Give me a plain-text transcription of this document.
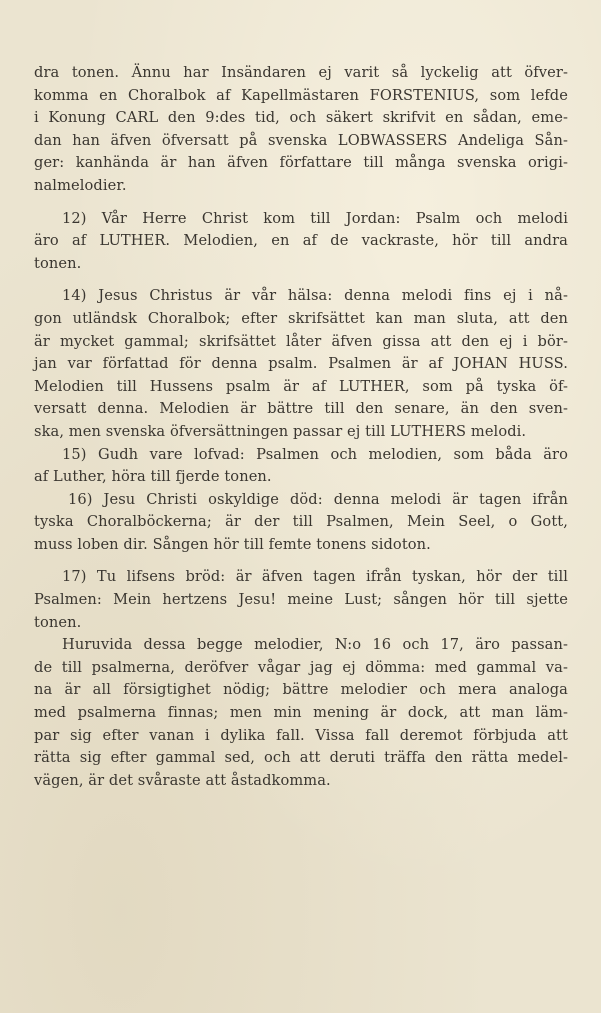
dra tonen. Ännu har Insändaren ej varit så lyckelig att öfver-
komma en Choralbok af Kapellmästaren FORSTENIUS, som lefde
i Konung CARL den 9:des tid, och säkert skrifvit en sådan, eme-
dan han äfven öfversatt på svenska LOBWASSERS Andeliga Sån-
ger: kanhända är han äfven författare till många svenska origi-
nalmelodier.
12) Vår Herre Christ kom till Jordan: Psalm och melodi
äro af LUTHER. Melodien, en af de vackraste, hör till andra
tonen.
14) Jesus Christus är vår hälsa: denna melodi fins ej i nå-
gon utländsk Choralbok; efter skrifsättet kan man sluta, att den
är mycket gammal; skrifsättet låter äfven gissa att den ej i bör-
jan var författad för denna psalm. Psalmen är af JOHAN HUSS.
Melodien till Hussens psalm är af LUTHER, som på tyska öf-
versatt denna. Melodien är bättre till den senare, än den sven-
ska, men svenska öfversättningen passar ej till LUTHERS melodi.
15) Gudh vare lofvad: Psalmen och melodien, som båda äro
af Luther, höra till fjerde tonen.
16) Jesu Christi oskyldige död: denna melodi är tagen ifrån
tyska Choralböckerna; är der till Psalmen, Mein Seel, o Gott,
muss loben dir. Sången hör till femte tonens sidoton.
17) Tu lifsens bröd: är äfven tagen ifrån tyskan, hör der till
Psalmen: Mein hertzens Jesu! meine Lust; sången hör till sjette
tonen.
Huruvida dessa begge melodier, N:o 16 och 17, äro passan-
de till psalmerna, deröfver vågar jag ej dömma: med gammal va-
na är all försigtighet nödig; bättre melodier och mera analoga
med psalmerna finnas; men min mening är dock, att man läm-
par sig efter vanan i dylika fall. Vissa fall deremot förbjuda att
rätta sig efter gammal sed, och att deruti träffa den rätta medel-
vägen, är det svåraste att åstadkomma.
